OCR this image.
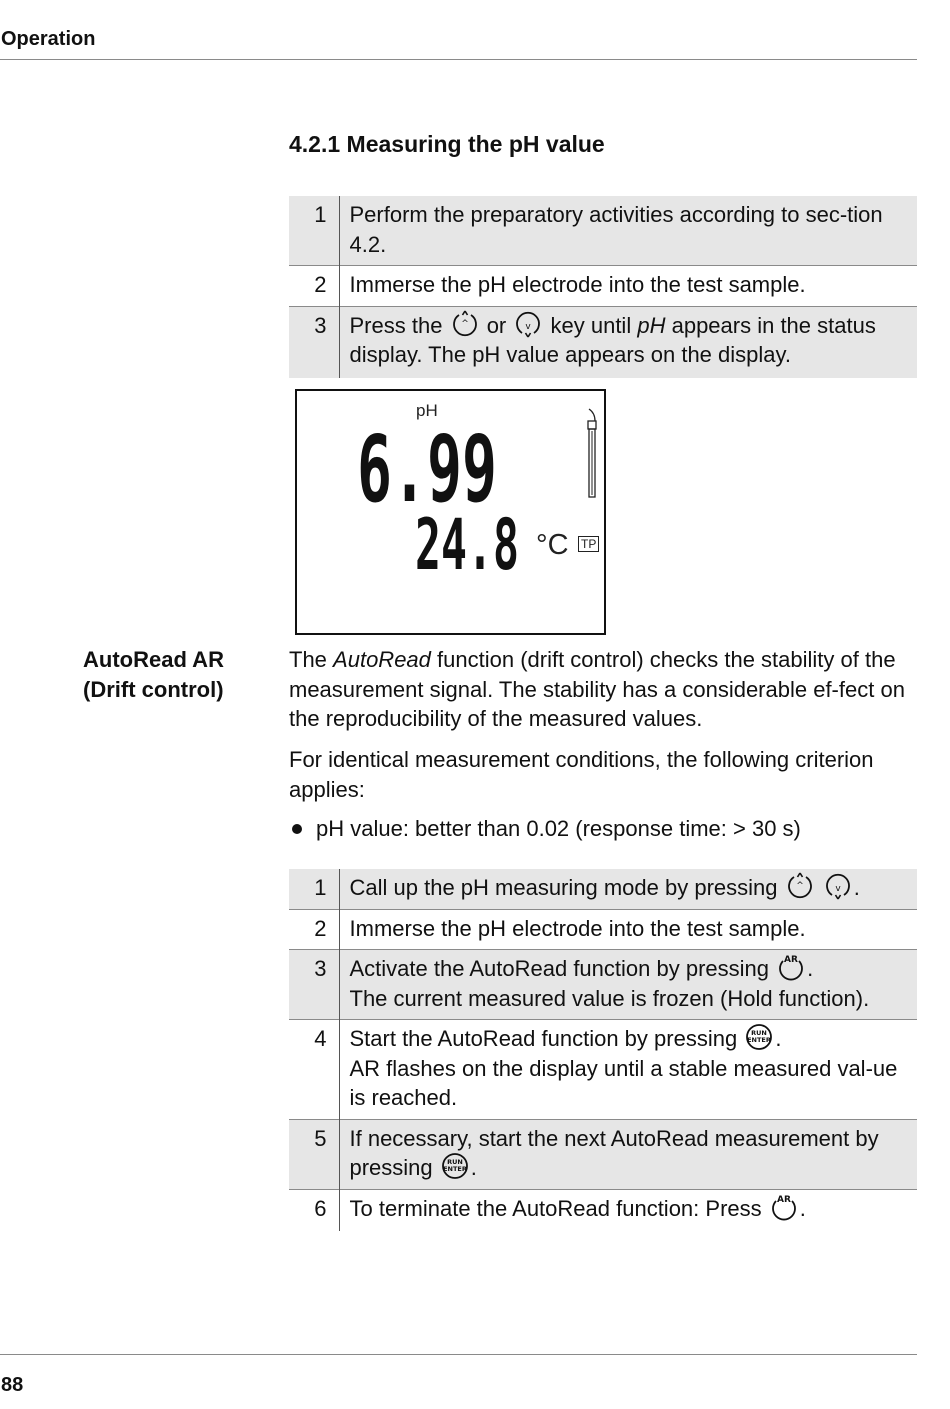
Operation
4.2.1 Measuring the pH value
1	Perform the preparatory activities according to sec-tion 4.2.
2	Immerse the pH electrode into the test sample.
3	Press the ^ or v key until pH appears in the status display. The pH value appears on the display.
pH
6.99
24.8 °C TP
AutoRead AR
(Drift control)
The AutoRead function (drift control) checks the stability of the measurement signal. The stability has a considerable ef-fect on the reproducibility of the measured values.
For identical measurement conditions, the following criterion applies:
pH value: better than 0.02 (response time: > 30 s)
1	Call up the pH measuring mode by pressing ^
v .
2	Immerse the pH electrode into the test sample.
3	Activate the AutoRead function by pressing AR .
The current measured value is frozen (Hold function).
4	Start the AutoRead function by pressing RUN
ENTER .
AR flashes on the display until a stable measured val-ue is reached.
5	If necessary, start the next AutoRead measurement by pressing RUN
ENTER .
6	To terminate the AutoRead function: Press AR .
88
